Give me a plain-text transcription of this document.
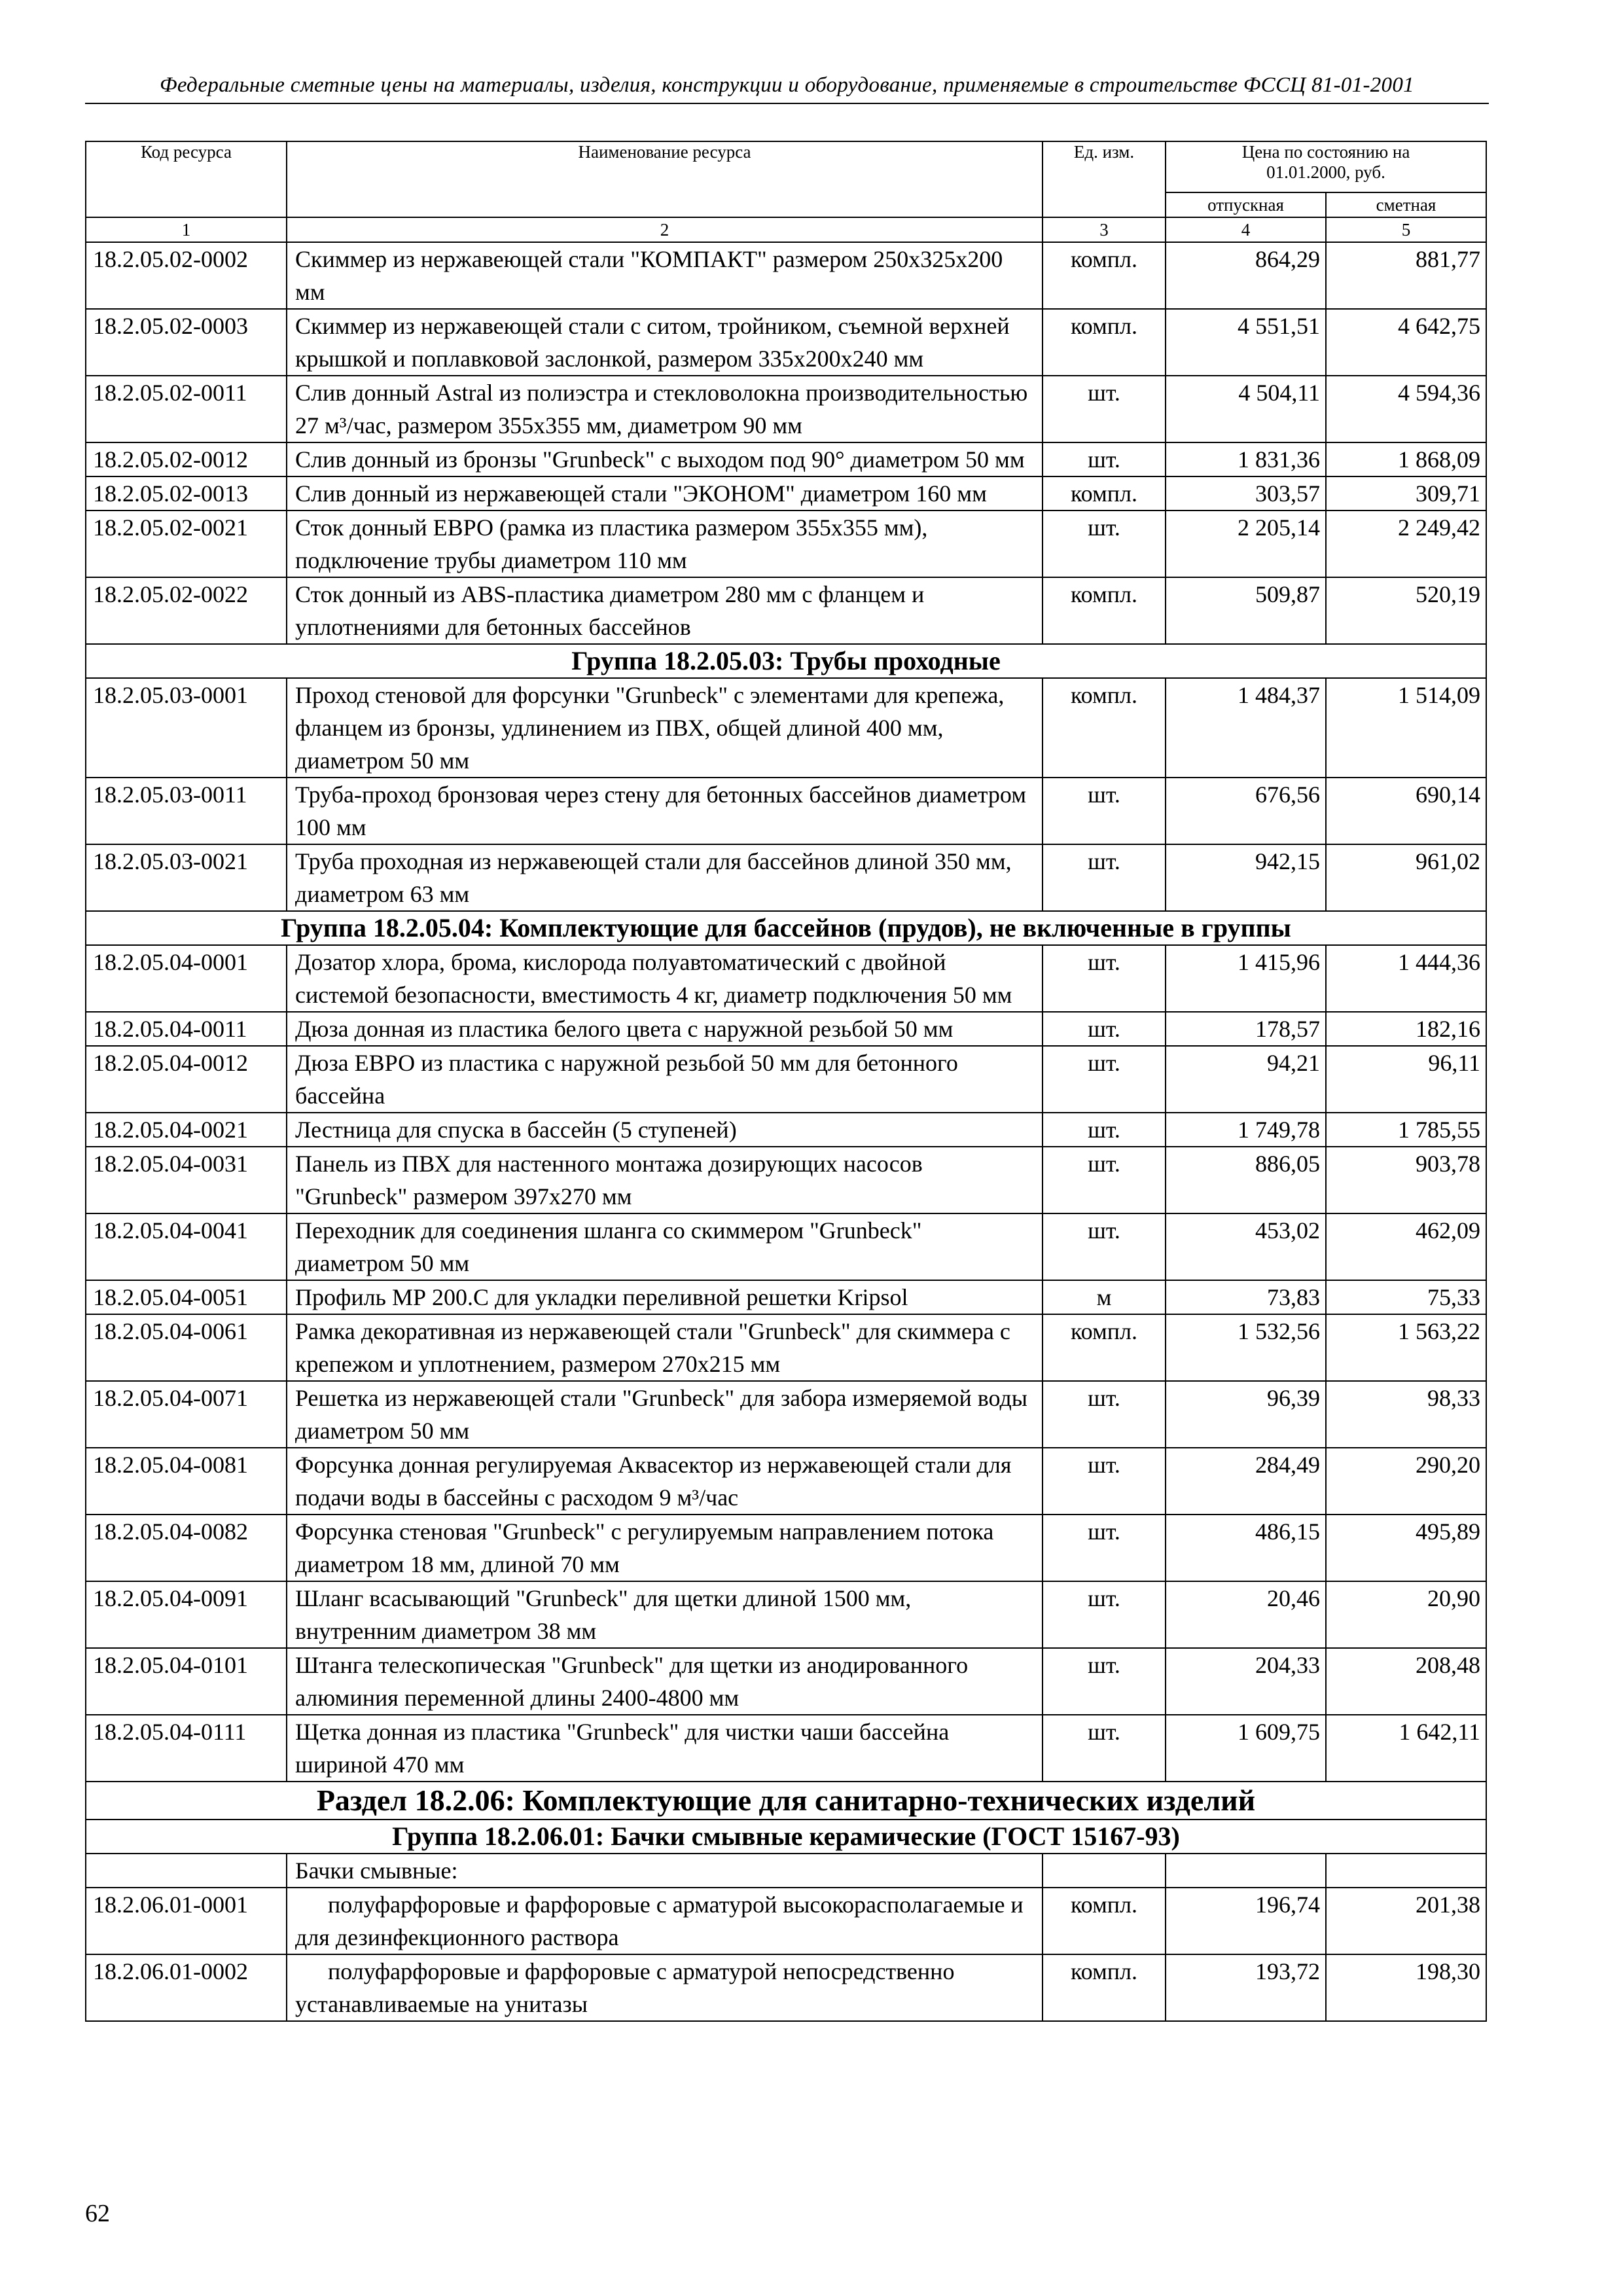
Федеральные сметные цены на материалы, изделия, конструкции и оборудование, применяемые в строительстве ФССЦ 81-01-2001
Код ресурса	Наименование ресурса	Ед. изм.	Цена по состоянию на 01.01.2000, руб.	
			отпускная	сметная
1	2	3	4	5
18.2.05.02-0002	Скиммер из нержавеющей стали "КОМПАКТ" размером 250x325x200 мм	компл.	864,29	881,77
18.2.05.02-0003	Скиммер из нержавеющей стали с ситом, тройником, съемной верхней крышкой и поплавковой заслонкой, размером 335x200x240 мм	компл.	4 551,51	4 642,75
18.2.05.02-0011	Слив донный Astral из полиэстра и стекловолокна производительностью 27 м³/час, размером 355x355 мм, диаметром 90 мм	шт.	4 504,11	4 594,36
18.2.05.02-0012	Слив донный из бронзы "Grunbeck" с выходом под 90° диаметром 50 мм	шт.	1 831,36	1 868,09
18.2.05.02-0013	Слив донный из нержавеющей стали "ЭКОНОМ" диаметром 160 мм	компл.	303,57	309,71
18.2.05.02-0021	Сток донный ЕВРО (рамка из пластика размером 355x355 мм), подключение трубы диаметром 110 мм	шт.	2 205,14	2 249,42
18.2.05.02-0022	Сток донный из ABS-пластика диаметром 280 мм с фланцем и уплотнениями для бетонных бассейнов	компл.	509,87	520,19
Группа 18.2.05.03: Трубы проходные				
18.2.05.03-0001	Проход стеновой для форсунки "Grunbeck" с элементами для крепежа, фланцем из бронзы, удлинением из ПВХ, общей длиной 400 мм, диаметром 50 мм	компл.	1 484,37	1 514,09
18.2.05.03-0011	Труба-проход бронзовая через стену для бетонных бассейнов диаметром 100 мм	шт.	676,56	690,14
18.2.05.03-0021	Труба проходная из нержавеющей стали для бассейнов длиной 350 мм, диаметром 63 мм	шт.	942,15	961,02
Группа 18.2.05.04: Комплектующие для бассейнов (прудов), не включенные в группы				
18.2.05.04-0001	Дозатор хлора, брома, кислорода полуавтоматический с двойной системой безопасности, вместимость 4 кг, диаметр подключения 50 мм	шт.	1 415,96	1 444,36
18.2.05.04-0011	Дюза донная из пластика белого цвета с наружной резьбой 50 мм	шт.	178,57	182,16
18.2.05.04-0012	Дюза ЕВРО из пластика с наружной резьбой 50 мм для бетонного бассейна	шт.	94,21	96,11
18.2.05.04-0021	Лестница для спуска в бассейн (5 ступеней)	шт.	1 749,78	1 785,55
18.2.05.04-0031	Панель из ПВХ для настенного монтажа дозирующих насосов "Grunbeck" размером 397x270 мм	шт.	886,05	903,78
18.2.05.04-0041	Переходник для соединения шланга со скиммером "Grunbeck" диаметром 50 мм	шт.	453,02	462,09
18.2.05.04-0051	Профиль МР 200.С для укладки переливной решетки Kripsol	м	73,83	75,33
18.2.05.04-0061	Рамка декоративная из нержавеющей стали "Grunbeck" для скиммера с крепежом и уплотнением, размером 270x215 мм	компл.	1 532,56	1 563,22
18.2.05.04-0071	Решетка из нержавеющей стали "Grunbeck" для забора измеряемой воды диаметром 50 мм	шт.	96,39	98,33
18.2.05.04-0081	Форсунка донная регулируемая Аквасектор из нержавеющей стали для подачи воды в бассейны с расходом 9 м³/час	шт.	284,49	290,20
18.2.05.04-0082	Форсунка стеновая "Grunbeck" с регулируемым направлением потока диаметром 18 мм, длиной 70 мм	шт.	486,15	495,89
18.2.05.04-0091	Шланг всасывающий "Grunbeck" для щетки длиной 1500 мм, внутренним диаметром 38 мм	шт.	20,46	20,90
18.2.05.04-0101	Штанга телескопическая "Grunbeck" для щетки из анодированного алюминия переменной длины 2400-4800 мм	шт.	204,33	208,48
18.2.05.04-0111	Щетка донная из пластика "Grunbeck" для чистки чаши бассейна шириной 470 мм	шт.	1 609,75	1 642,11
Раздел 18.2.06: Комплектующие для санитарно-технических изделий				
Группа 18.2.06.01: Бачки смывные керамические (ГОСТ 15167-93)				
	Бачки смывные:			
18.2.06.01-0001	полуфарфоровые и фарфоровые с арматурой высокорасполагаемые и для дезинфекционного раствора	компл.	196,74	201,38
18.2.06.01-0002	полуфарфоровые и фарфоровые с арматурой непосредственно устанавливаемые на унитазы	компл.	193,72	198,30
62
